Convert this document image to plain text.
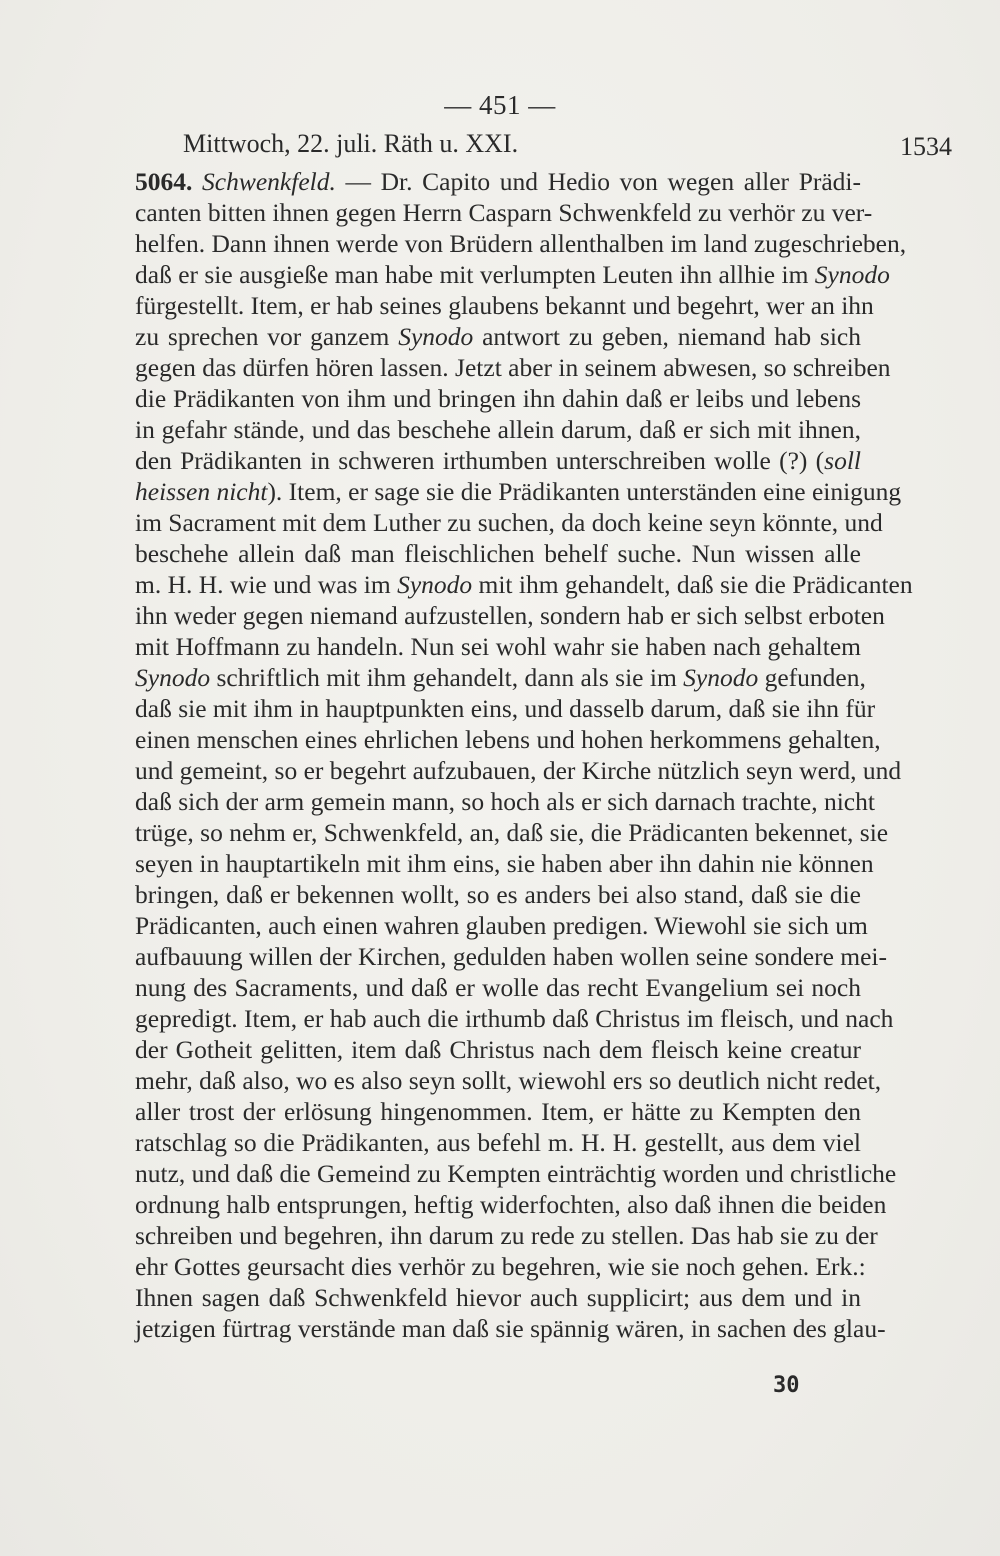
— 451 —
Mittwoch, 22. juli. Räth u. XXI.	1534
5064. Schwenkfeld. — Dr. Capito und Hedio von wegen aller Prädi-
canten bitten ihnen gegen Herrn Casparn Schwenkfeld zu verhör zu ver-
helfen. Dann ihnen werde von Brüdern allenthalben im land zugeschrieben,
daß er sie ausgieße man habe mit verlumpten Leuten ihn allhie im Synodo
fürgestellt. Item, er hab seines glaubens bekannt und begehrt, wer an ihn
zu sprechen vor ganzem Synodo antwort zu geben, niemand hab sich
gegen das dürfen hören lassen. Jetzt aber in seinem abwesen, so schreiben
die Prädikanten von ihm und bringen ihn dahin daß er leibs und lebens
in gefahr stände, und das beschehe allein darum, daß er sich mit ihnen,
den Prädikanten in schweren irthumben unterschreiben wolle (?) (soll
heissen nicht). Item, er sage sie die Prädikanten unterständen eine einigung
im Sacrament mit dem Luther zu suchen, da doch keine seyn könnte, und
beschehe allein daß man fleischlichen behelf suche. Nun wissen alle
m. H. H. wie und was im Synodo mit ihm gehandelt, daß sie die Prädicanten
ihn weder gegen niemand aufzustellen, sondern hab er sich selbst erboten
mit Hoffmann zu handeln. Nun sei wohl wahr sie haben nach gehaltem
Synodo schriftlich mit ihm gehandelt, dann als sie im Synodo gefunden,
daß sie mit ihm in hauptpunkten eins, und dasselb darum, daß sie ihn für
einen menschen eines ehrlichen lebens und hohen herkommens gehalten,
und gemeint, so er begehrt aufzubauen, der Kirche nützlich seyn werd, und
daß sich der arm gemein mann, so hoch als er sich darnach trachte, nicht
trüge, so nehm er, Schwenkfeld, an, daß sie, die Prädicanten bekennet, sie
seyen in hauptartikeln mit ihm eins, sie haben aber ihn dahin nie können
bringen, daß er bekennen wollt, so es anders bei also stand, daß sie die
Prädicanten, auch einen wahren glauben predigen. Wiewohl sie sich um
aufbauung willen der Kirchen, gedulden haben wollen seine sondere mei-
nung des Sacraments, und daß er wolle das recht Evangelium sei noch
gepredigt. Item, er hab auch die irthumb daß Christus im fleisch, und nach
der Gotheit gelitten, item daß Christus nach dem fleisch keine creatur
mehr, daß also, wo es also seyn sollt, wiewohl ers so deutlich nicht redet,
aller trost der erlösung hingenommen. Item, er hätte zu Kempten den
ratschlag so die Prädikanten, aus befehl m. H. H. gestellt, aus dem viel
nutz, und daß die Gemeind zu Kempten einträchtig worden und christliche
ordnung halb entsprungen, heftig widerfochten, also daß ihnen die beiden
schreiben und begehren, ihn darum zu rede zu stellen. Das hab sie zu der
ehr Gottes geursacht dies verhör zu begehren, wie sie noch gehen. Erk.:
Ihnen sagen daß Schwenkfeld hievor auch supplicirt; aus dem und in
jetzigen fürtrag verstände man daß sie spännig wären, in sachen des glau-
30
